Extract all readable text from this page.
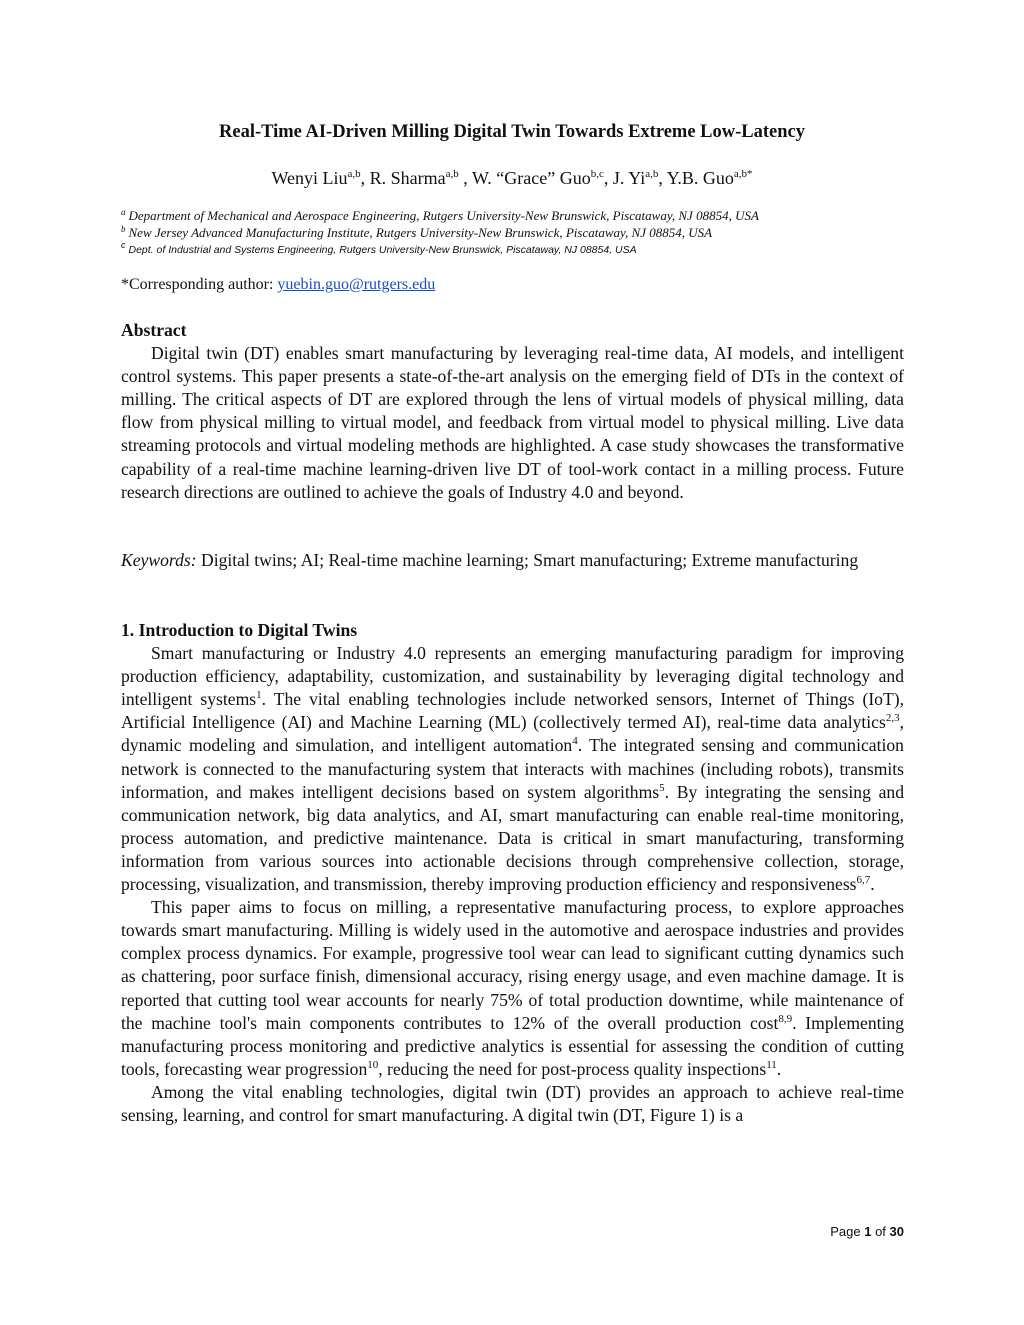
Real-Time AI-Driven Milling Digital Twin Towards Extreme Low-Latency
Wenyi Liu$^{a,b}$, R. Sharma$^{a,b}$ , W. “Grace” Guo$^{b,c}$, J. Yi$^{a,b}$, Y.B. Guo$^{a,b*}$
$^a$ Department of Mechanical and Aerospace Engineering, Rutgers University-New Brunswick, Piscataway, NJ 08854, USA
$^b$ New Jersey Advanced Manufacturing Institute, Rutgers University-New Brunswick, Piscataway, NJ 08854, USA
$^c$ Dept. of Industrial and Systems Engineering, Rutgers University-New Brunswick, Piscataway, NJ 08854, USA
*Corresponding author: yuebin.guo@rutgers.edu
Abstract
Digital twin (DT) enables smart manufacturing by leveraging real-time data, AI models, and intelligent control systems. This paper presents a state-of-the-art analysis on the emerging field of DTs in the context of milling. The critical aspects of DT are explored through the lens of virtual models of physical milling, data flow from physical milling to virtual model, and feedback from virtual model to physical milling. Live data streaming protocols and virtual modeling methods are highlighted. A case study showcases the transformative capability of a real-time machine learning-driven live DT of tool-work contact in a milling process. Future research directions are outlined to achieve the goals of Industry 4.0 and beyond.
Keywords: Digital twins; AI; Real-time machine learning; Smart manufacturing; Extreme manufacturing
1. Introduction to Digital Twins
Smart manufacturing or Industry 4.0 represents an emerging manufacturing paradigm for improving production efficiency, adaptability, customization, and sustainability by leveraging digital technology and intelligent systems$^1$. The vital enabling technologies include networked sensors, Internet of Things (IoT), Artificial Intelligence (AI) and Machine Learning (ML) (collectively termed AI), real-time data analytics$^{2,3}$, dynamic modeling and simulation, and intelligent automation$^4$. The integrated sensing and communication network is connected to the manufacturing system that interacts with machines (including robots), transmits information, and makes intelligent decisions based on system algorithms$^5$. By integrating the sensing and communication network, big data analytics, and AI, smart manufacturing can enable real-time monitoring, process automation, and predictive maintenance. Data is critical in smart manufacturing, transforming information from various sources into actionable decisions through comprehensive collection, storage, processing, visualization, and transmission, thereby improving production efficiency and responsiveness$^{6,7}$.
This paper aims to focus on milling, a representative manufacturing process, to explore approaches towards smart manufacturing. Milling is widely used in the automotive and aerospace industries and provides complex process dynamics. For example, progressive tool wear can lead to significant cutting dynamics such as chattering, poor surface finish, dimensional accuracy, rising energy usage, and even machine damage. It is reported that cutting tool wear accounts for nearly 75% of total production downtime, while maintenance of the machine tool's main components contributes to 12% of the overall production cost$^{8,9}$. Implementing manufacturing process monitoring and predictive analytics is essential for assessing the condition of cutting tools, forecasting wear progression$^{10}$, reducing the need for post-process quality inspections$^{11}$.
Among the vital enabling technologies, digital twin (DT) provides an approach to achieve real-time sensing, learning, and control for smart manufacturing. A digital twin (DT, Figure 1) is a
Page 1 of 30
